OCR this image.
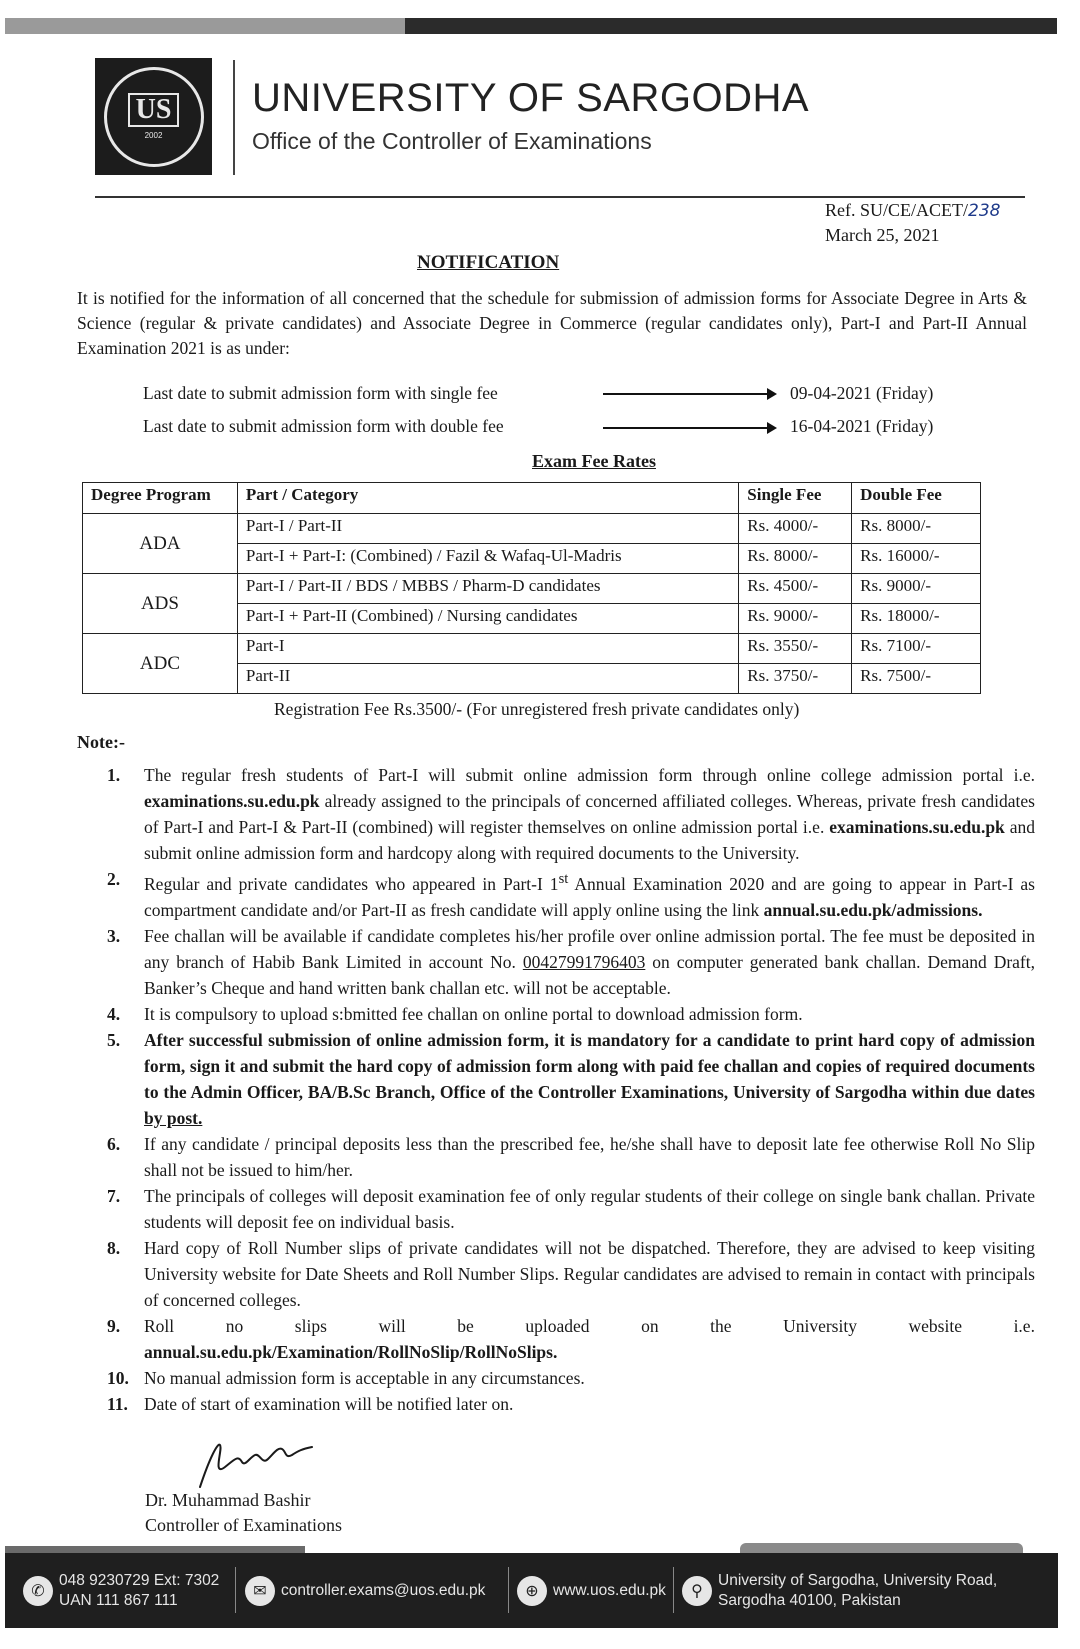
US
2002
UNIVERSITY OF SARGODHA
Office of the Controller of Examinations
Ref. SU/CE/ACET/238
March 25, 2021
NOTIFICATION

It is notified for the information of all concerned that the schedule for submission of admission forms for Associate Degree in Arts & Science (regular & private candidates) and Associate Degree in Commerce (regular candidates only), Part-I and Part-II Annual Examination 2021 is as under:

Last date to submit admission form with single fee	09-04-2021 (Friday)
Last date to submit admission form with double fee	16-04-2021 (Friday)
Exam Fee Rates
Degree Program	Part / Category	Single Fee	Double Fee
ADA	Part-I / Part-II	Rs. 4000/-	Rs. 8000/-
	Part-I + Part-I: (Combined) / Fazil & Wafaq-Ul-Madris	Rs. 8000/-	Rs. 16000/-
ADS	Part-I / Part-II / BDS / MBBS / Pharm-D candidates	Rs. 4500/-	Rs. 9000/-
	Part-I + Part-II (Combined) / Nursing candidates	Rs. 9000/-	Rs. 18000/-
ADC	Part-I	Rs. 3550/-	Rs. 7100/-
	Part-II	Rs. 3750/-	Rs. 7500/-
Registration Fee Rs.3500/- (For unregistered fresh private candidates only)
Note:-
1. The regular fresh students of Part-I will submit online admission form through online college admission portal i.e. examinations.su.edu.pk already assigned to the principals of concerned affiliated colleges. Whereas, private fresh candidates of Part-I and Part-I & Part-II (combined) will register themselves on online admission portal i.e. examinations.su.edu.pk and submit online admission form and hardcopy along with required documents to the University.
2. Regular and private candidates who appeared in Part-I 1st Annual Examination 2020 and are going to appear in Part-I as compartment candidate and/or Part-II as fresh candidate will apply online using the link annual.su.edu.pk/admissions.
3. Fee challan will be available if candidate completes his/her profile over online admission portal. The fee must be deposited in any branch of Habib Bank Limited in account No. 00427991796403 on computer generated bank challan. Demand Draft, Banker’s Cheque and hand written bank challan etc. will not be acceptable.
4. It is compulsory to upload s:bmitted fee challan on online portal to download admission form.
5. After successful submission of online admission form, it is mandatory for a candidate to print hard copy of admission form, sign it and submit the hard copy of admission form along with paid fee challan and copies of required documents to the Admin Officer, BA/B.Sc Branch, Office of the Controller Examinations, University of Sargodha within due dates by post.
6. If any candidate / principal deposits less than the prescribed fee, he/she shall have to deposit late fee otherwise Roll No Slip shall not be issued to him/her.
7. The principals of colleges will deposit examination fee of only regular students of their college on single bank challan. Private students will deposit fee on individual basis.
8. Hard copy of Roll Number slips of private candidates will not be dispatched. Therefore, they are advised to keep visiting University website for Date Sheets and Roll Number Slips. Regular candidates are advised to remain in contact with principals of concerned colleges.
9. Roll	no	slips	will	be	uploaded	on	the	University	website	i.e.
annual.su.edu.pk/Examination/RollNoSlip/RollNoSlips.
10. No manual admission form is acceptable in any circumstances.
11. Date of start of examination will be notified later on.
Dr. Muhammad Bashir
Controller of Examinations
✆
048 9230729 Ext: 7302
UAN 111 867 111	✉ controller.exams@uos.edu.pk	⊕ www.uos.edu.pk	⚲
University of Sargodha, University Road,
Sargodha 40100, Pakistan
